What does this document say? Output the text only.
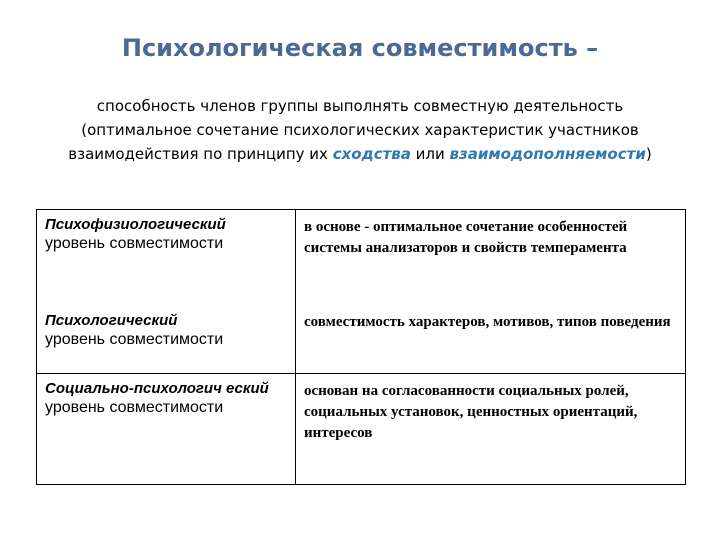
Психологическая совместимость –

способность членов группы выполнять совместную деятельность
(оптимальное сочетание психологических характеристик участников
взаимодействия по принципу их сходства или взаимодополняемости)

Психофизиологический
уровень совместимости
Психологический
уровень совместимости
в основе - оптимальное сочетание особенностей системы анализаторов и свойств темперамента
совместимость характеров, мотивов, типов поведения
Социально-психологич еский
уровень совместимости
основан на согласованности социальных ролей, социальных установок, ценностных ориентаций, интересов
